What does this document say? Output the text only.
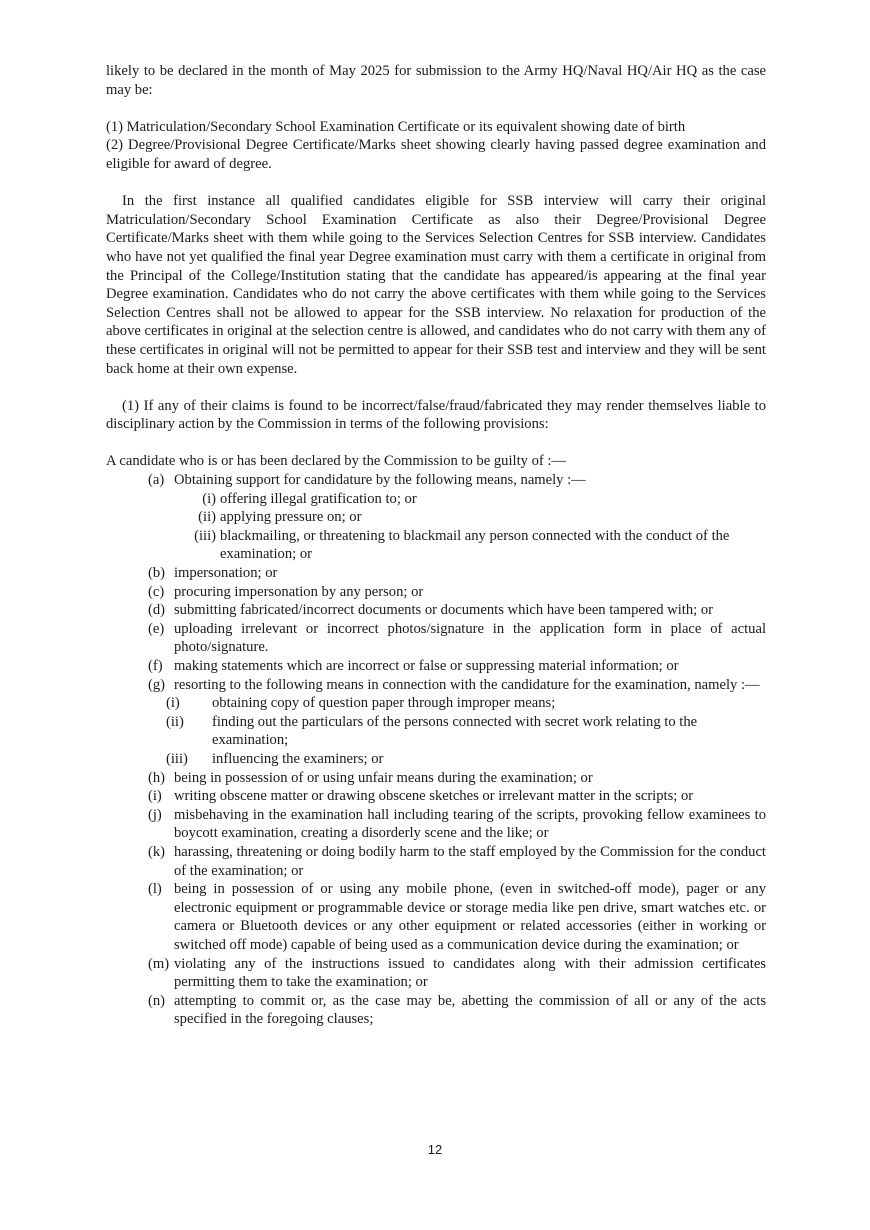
likely to be declared in the month of May 2025 for submission to the Army HQ/Naval HQ/Air HQ as the case may be:

(1) Matriculation/Secondary School Examination Certificate or its equivalent showing date of birth

(2) Degree/Provisional Degree Certificate/Marks sheet showing clearly having passed degree examination and eligible for award of degree.

In the first instance all qualified candidates eligible for SSB interview will carry their original Matriculation/Secondary School Examination Certificate as also their Degree/Provisional Degree Certificate/Marks sheet with them while going to the Services Selection Centres for SSB interview. Candidates who have not yet qualified the final year Degree examination must carry with them a certificate in original from the Principal of the College/Institution stating that the candidate has appeared/is appearing at the final year Degree examination. Candidates who do not carry the above certificates with them while going to the Services Selection Centres shall not be allowed to appear for the SSB interview. No relaxation for production of the above certificates in original at the selection centre is allowed, and candidates who do not carry with them any of these certificates in original will not be permitted to appear for their SSB test and interview and they will be sent back home at their own expense.

(1) If any of their claims is found to be incorrect/false/fraud/fabricated they may render themselves liable to disciplinary action by the Commission in terms of the following provisions:

A candidate who is or has been declared by the Commission to be guilty of :—

(a) Obtaining support for candidature by the following means, namely :—
(i) offering illegal gratification to; or
(ii) applying pressure on; or
(iii) blackmailing, or threatening to blackmail any person connected with the conduct of the examination; or
(b) impersonation; or
(c) procuring impersonation by any person; or
(d) submitting fabricated/incorrect documents or documents which have been tampered with; or
(e) uploading irrelevant or incorrect photos/signature in the application form in place of actual photo/signature.
(f) making statements which are incorrect or false or suppressing material information; or
(g) resorting to the following means in connection with the candidature for the examination, namely :—
(i) obtaining copy of question paper through improper means;
(ii) finding out the particulars of the persons connected with secret work relating to the examination;
(iii) influencing the examiners; or
(h) being in possession of or using unfair means during the examination; or
(i) writing obscene matter or drawing obscene sketches or irrelevant matter in the scripts; or
(j) misbehaving in the examination hall including tearing of the scripts, provoking fellow examinees to boycott examination, creating a disorderly scene and the like; or
(k) harassing, threatening or doing bodily harm to the staff employed by the Commission for the conduct of the examination; or
(l) being in possession of or using any mobile phone, (even in switched-off mode), pager or any electronic equipment or programmable device or storage media like pen drive, smart watches etc. or camera or Bluetooth devices or any other equipment or related accessories (either in working or switched off mode) capable of being used as a communication device during the examination; or
(m) violating any of the instructions issued to candidates along with their admission certificates permitting them to take the examination; or
(n) attempting to commit or, as the case may be, abetting the commission of all or any of the acts specified in the foregoing clauses;
12
